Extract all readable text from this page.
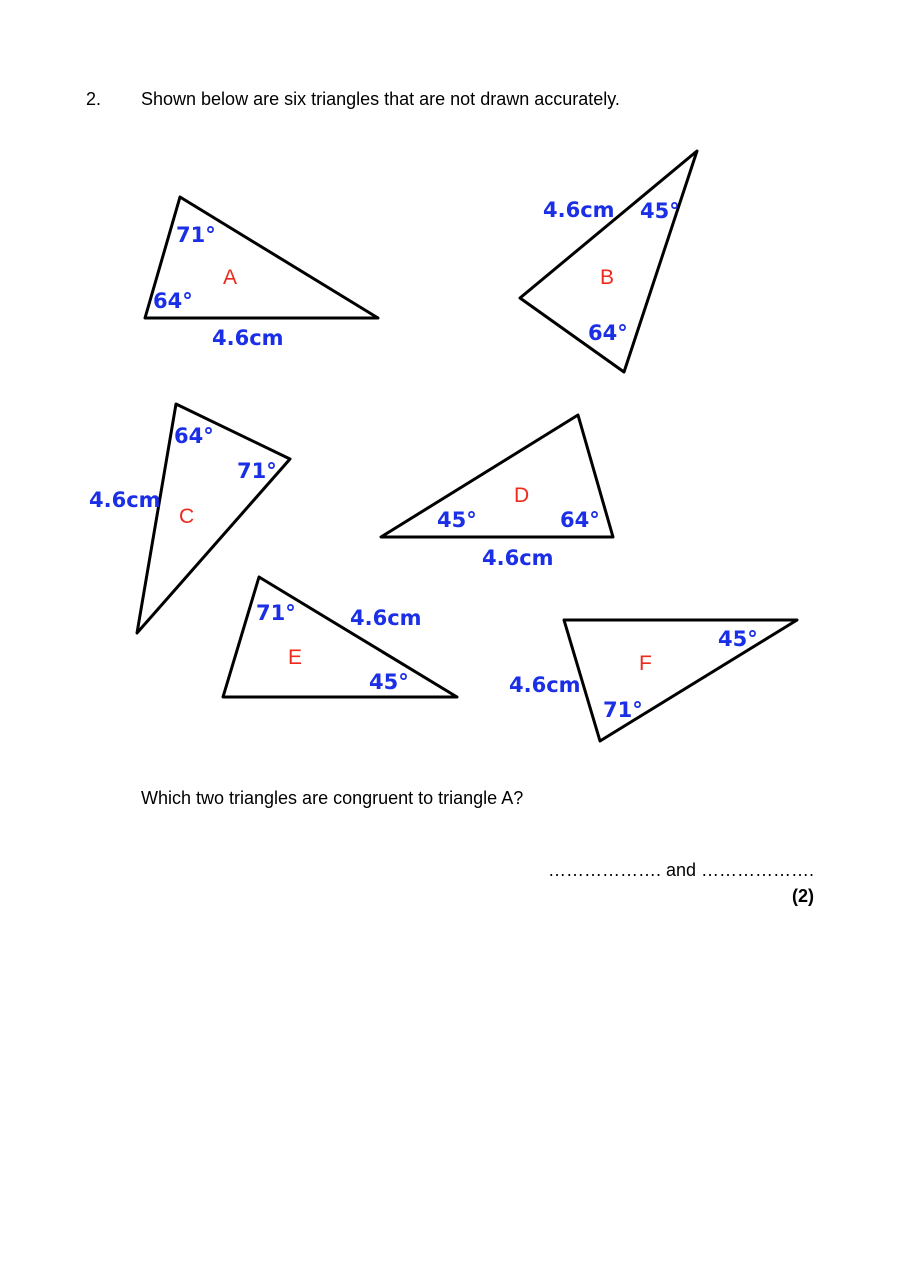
2. Shown below are six triangles that are not drawn accurately.
71°
64°
A
4.6cm
4.6cm 45°
B
64°
64°
71°
4.6cm
C
D
45°	64°
4.6cm
71°	4.6cm
E
45°
45°
F
4.6cm
71°
Which two triangles are congruent to triangle A?
………………. and ……………….
(2)
